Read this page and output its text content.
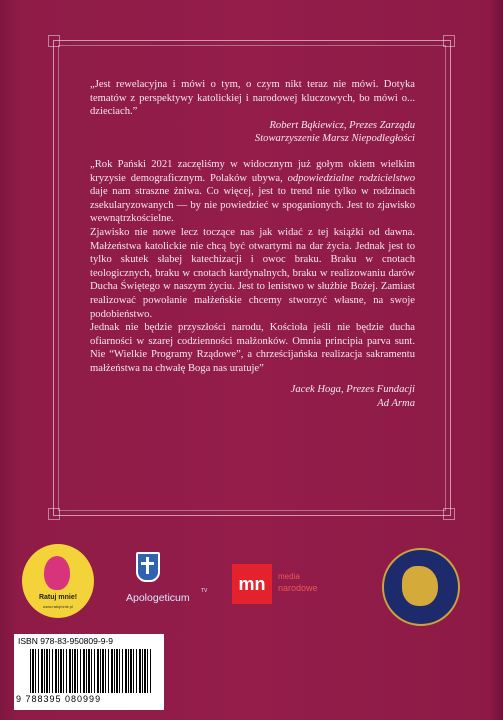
„Jest rewelacyjna i mówi o tym, o czym nikt teraz nie mówi. Dotyka tematów z perspektywy katolickiej i narodowej kluczowych, bo mówi o... dzieciach.”

Robert Bąkiewicz, Prezes Zarządu

Stowarzyszenie Marsz Niepodległości

„Rok Pański 2021 zaczęliśmy w widocznym już gołym okiem wielkim kryzysie demograficznym. Polaków ubywa, odpowiedzialne rodzicielstwo daje nam straszne żniwa. Co więcej, jest to trend nie tylko w rodzinach zsekularyzowanych — by nie powiedzieć w spoganionych. Jest to zjawisko wewnątrzkościelne.

Zjawisko nie nowe lecz toczące nas jak widać z tej książki od dawna. Małżeństwa katolickie nie chcą być otwartymi na dar życia. Jednak jest to tylko skutek słabej katechizacji i owoc braku. Braku w cnotach teologicznych, braku w cnotach kardynalnych, braku w realizowaniu darów Ducha Świętego w naszym życiu. Jest to lenistwo w służbie Bożej. Zamiast realizować powołanie małżeńskie chcemy stworzyć własne, na swoje podobieństwo.

Jednak nie będzie przyszłości narodu, Kościoła jeśli nie będzie ducha ofiarności w szarej codzienności małżonków. Omnia principia parva sunt. Nie “Wielkie Programy Rządowe”, a chrześcijańska realizacja sakramentu małżeństwa na chwałę Boga nas uratuje”

Jacek Hoga, Prezes Fundacji

Ad Arma

Ratuj mnie!
www.ratujmnie.pl
Apologeticum
TV	mn	media
narodowe
ISBN 978-83-950809-9-9
9 788395 080999
